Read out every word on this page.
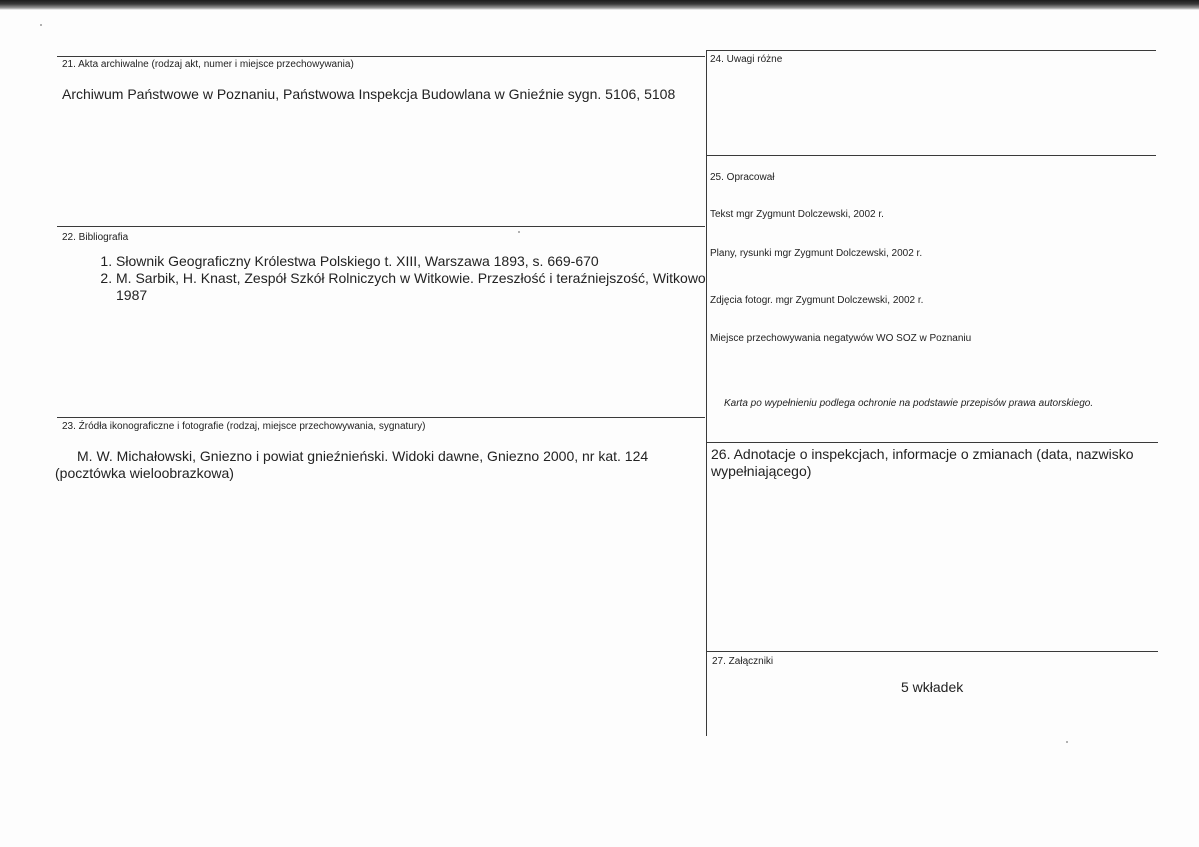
21. Akta archiwalne (rodzaj akt, numer i miejsce przechowywania)
Archiwum Państwowe w Poznaniu, Państwowa Inspekcja Budowlana w Gnieźnie sygn. 5106, 5108
22. Bibliografia
1. Słownik Geograficzny Królestwa Polskiego t. XIII, Warszawa 1893, s. 669-670
2. M. Sarbik, H. Knast, Zespół Szkół Rolniczych w Witkowie. Przeszłość i teraźniejszość, Witkowo 1987
23. Źródła ikonograficzne i fotografie (rodzaj, miejsce przechowywania, sygnatury)
M. W. Michałowski, Gniezno i powiat gnieźnieński. Widoki dawne, Gniezno 2000, nr kat. 124 (pocztówka wieloobrazkowa)
24. Uwagi różne
25. Opracował
Tekst mgr Zygmunt Dolczewski, 2002 r.
Plany, rysunki mgr Zygmunt Dolczewski, 2002 r.
Zdjęcia fotogr. mgr Zygmunt Dolczewski, 2002 r.
Miejsce przechowywania negatywów WO SOZ w Poznaniu
Karta po wypełnieniu podlega ochronie na podstawie przepisów prawa autorskiego.
26. Adnotacje o inspekcjach, informacje o zmianach (data, nazwisko wypełniającego)
27. Załączniki
5 wkładek
